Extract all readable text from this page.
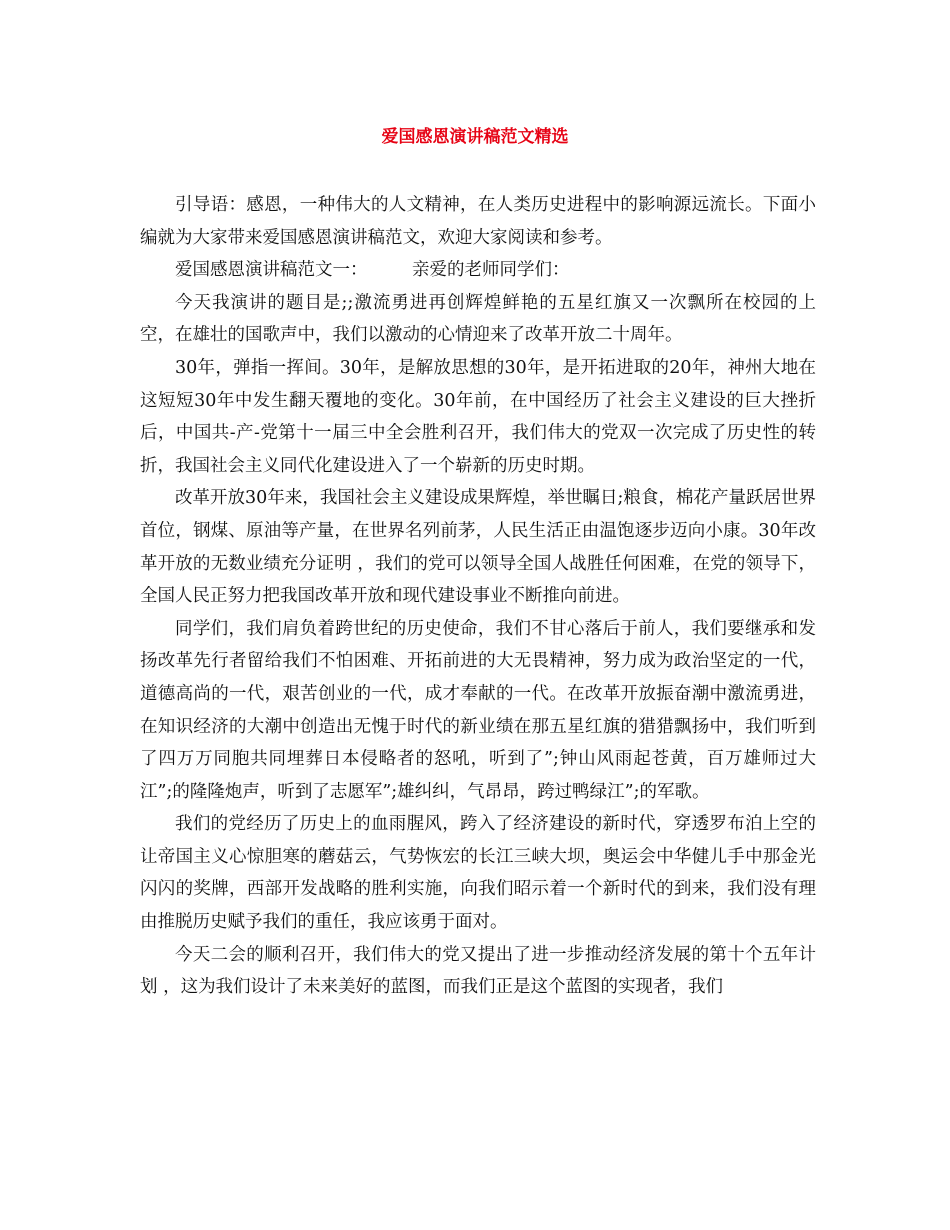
爱国感恩演讲稿范文精选

引导语：感恩，一种伟大的人文精神，在人类历史进程中的影响源远流长。下面小编就为大家带来爱国感恩演讲稿范文，欢迎大家阅读和参考。

爱国感恩演讲稿范文一：        亲爱的老师同学们：

今天我演讲的题目是;;激流勇进再创辉煌鲜艳的五星红旗又一次飘所在校园的上空，在雄壮的国歌声中，我们以激动的心情迎来了改革开放二十周年。

30年，弹指一挥间。30年，是解放思想的30年，是开拓进取的20年，神州大地在这短短30年中发生翻天覆地的变化。30年前，在中国经历了社会主义建设的巨大挫折后，中国共-产-党第十一届三中全会胜利召开，我们伟大的党双一次完成了历史性的转折，我国社会主义同代化建设进入了一个崭新的历史时期。

改革开放30年来，我国社会主义建设成果辉煌，举世瞩日;粮食，棉花产量跃居世界首位，钢煤、原油等产量，在世界名列前茅，人民生活正由温饱逐步迈向小康。30年改革开放的无数业绩充分证明 ，我们的党可以领导全国人战胜任何困难，在党的领导下，全国人民正努力把我国改革开放和现代建设事业不断推向前进。

同学们，我们肩负着跨世纪的历史使命，我们不甘心落后于前人，我们要继承和发扬改革先行者留给我们不怕困难、开拓前进的大无畏精神，努力成为政治坚定的一代，道德高尚的一代，艰苦创业的一代，成才奉献的一代。在改革开放振奋潮中激流勇进，在知识经济的大潮中创造出无愧于时代的新业绩在那五星红旗的猎猎飘扬中，我们听到了四万万同胞共同埋葬日本侵略者的怒吼，听到了”;钟山风雨起苍黄，百万雄师过大江”;的隆隆炮声，听到了志愿军”;雄纠纠，气昂昂，跨过鸭绿江”;的军歌。

我们的党经历了历史上的血雨腥风，跨入了经济建设的新时代，穿透罗布泊上空的让帝国主义心惊胆寒的蘑菇云，气势恢宏的长江三峡大坝，奥运会中华健儿手中那金光闪闪的奖牌，西部开发战略的胜利实施，向我们昭示着一个新时代的到来，我们没有理由推脱历史赋予我们的重任，我应该勇于面对。

今天二会的顺利召开，我们伟大的党又提出了进一步推动经济发展的第十个五年计划 ，这为我们设计了未来美好的蓝图，而我们正是这个蓝图的实现者，我们
